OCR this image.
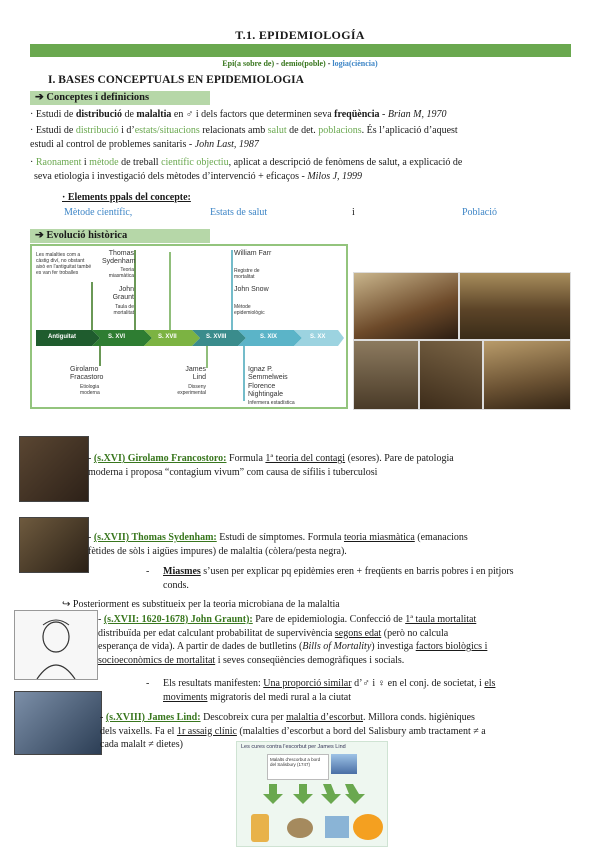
T.1. EPIDEMIOLOGÍA
Epi(a sobre de) - demio(poble) - logia(ciència)
I. BASES CONCEPTUALS EN EPIDEMIOLOGIA
➔ Conceptes i definicions
· Estudi de distribució de malaltia en ♂ i dels factors que determinen seva freqüència - Brian M, 1970
· Estudi de distribució i d’estats/situacions relacionats amb salut de det. poblacions. És l’aplicació d’aquest
estudi al control de problemes sanitaris - John Last, 1987
· Raonament i mètode de treball científic objectiu, aplicat a descripció de fenòmens de salut, a explicació de
seva etiologia i investigació dels mètodes d’intervenció + eficaços - Milos J, 1999
· Elements ppals del concepte:
Mètode científic,	Estats de salut	i	Població
➔ Evolució històrica
Antiguitat	S. XVI	S. XVII	S. XVIII	S. XIX	S. XX
Les malalties com a càstig diví, no obstant això en l'antiguitat també es van fer troballes
Thomas Sydenham
Teoria miasmàtica
John Graunt
Taula de mortalitat
William Farr
Registre de mortalitat
John Snow
Mètode epidemiològic
Girolamo Fracastoro
Etiologia moderna
James Lind
Disseny experimental
Ignaz P. Semmelweis
Florence Nightingale
Infermera estadística
- (s.XVI) Girolamo Francostoro: Formula 1ª teoria del contagi (esores). Pare de patologia
moderna i proposa “contagium vivum” com causa de sífilis i tuberculosi
- (s.XVII) Thomas Sydenham: Estudi de símptomes. Formula teoria miasmàtica (emanacions
fètides de sòls i aigües impures) de malaltia (còlera/pesta negra).
-	Miasmes s’usen per explicar pq epidèmies eren + freqüents en barris pobres i en pitjors
conds.
↪ Posteriorment es substitueix per la teoria microbiana de la malaltia
- (s.XVII: 1620-1678) John Graunt): Pare de epidemiologia. Confecció de 1ª taula mortalitat
distribuïda per edat calculant probabilitat de supervivència segons edat (però no calcula
esperança de vida). A partir de dades de butlletins (Bills of Mortality) investiga factors biològics i
socioeconòmics de mortalitat i seves conseqüències demogràfiques i socials.
- Els resultats manifesten: Una proporció similar d’♂ i ♀ en el conj. de societat, i els
moviments migratoris del medi rural a la ciutat
- (s.XVIII) James Lind: Descobreix cura per malaltia d’escorbut. Millora conds. higièniques
dels vaixells. Fa el 1r assaig clínic (malalties d’escorbut a bord del Salisbury amb tractament ≠ a
cada malalt ≠ dietes)	Les cures contra l'escorbut per James Lind
Malalts d'escorbut a bord del Salisbury (1747)
